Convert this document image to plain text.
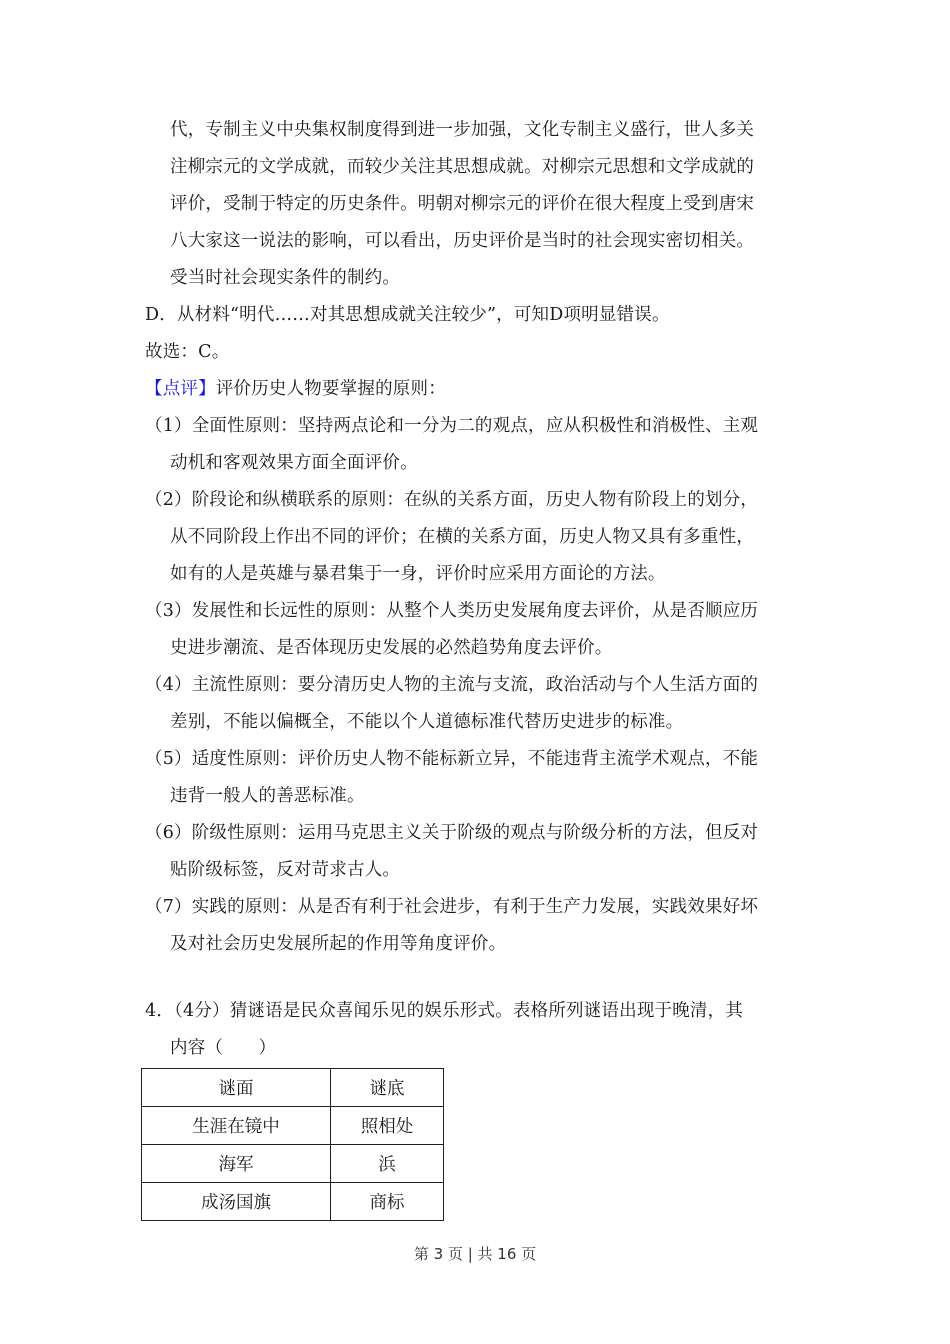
代，专制主义中央集权制度得到进一步加强，文化专制主义盛行，世人多关
注柳宗元的文学成就，而较少关注其思想成就。对柳宗元思想和文学成就的
评价，受制于特定的历史条件。明朝对柳宗元的评价在很大程度上受到唐宋
八大家这一说法的影响，可以看出，历史评价是当时的社会现实密切相关。
受当时社会现实条件的制约。
D．从材料“明代……对其思想成就关注较少”，可知D项明显错误。
故选：C。
【点评】评价历史人物要掌握的原则：
（1）全面性原则：坚持两点论和一分为二的观点，应从积极性和消极性、主观
动机和客观效果方面全面评价。
（2）阶段论和纵横联系的原则：在纵的关系方面，历史人物有阶段上的划分，
从不同阶段上作出不同的评价；在横的关系方面，历史人物又具有多重性，
如有的人是英雄与暴君集于一身，评价时应采用方面论的方法。
（3）发展性和长远性的原则：从整个人类历史发展角度去评价，从是否顺应历
史进步潮流、是否体现历史发展的必然趋势角度去评价。
（4）主流性原则：要分清历史人物的主流与支流，政治活动与个人生活方面的
差别，不能以偏概全，不能以个人道德标准代替历史进步的标准。
（5）适度性原则：评价历史人物不能标新立异，不能违背主流学术观点，不能
违背一般人的善恶标准。
（6）阶级性原则：运用马克思主义关于阶级的观点与阶级分析的方法，但反对
贴阶级标签，反对苛求古人。
（7）实践的原则：从是否有利于社会进步，有利于生产力发展，实践效果好坏
及对社会历史发展所起的作用等角度评价。
4．（4分）猜谜语是民众喜闻乐见的娱乐形式。表格所列谜语出现于晚清，其
内容（　　）
谜面	谜底
生涯在镜中	照相处
海军	浜
成汤国旗	商标
第 3 页 | 共 16 页
